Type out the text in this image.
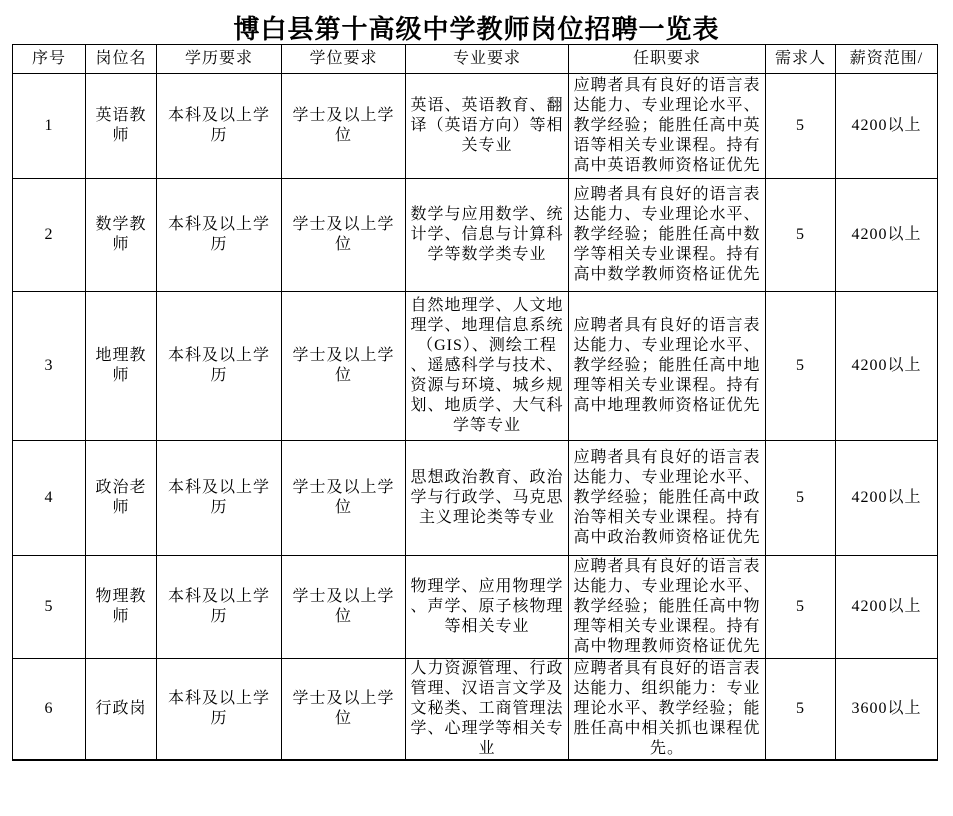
博白县第十高级中学教师岗位招聘一览表
序号	岗位名	学历要求	学位要求	专业要求	任职要求	需求人	薪资范围/
1	英语教师	本科及以上学历	学士及以上学位	英语、英语教育、翻译（英语方向）等相关专业	应聘者具有良好的语言表达能力、专业理论水平、教学经验；能胜任高中英语等相关专业课程。持有高中英语教师资格证优先	5	4200以上
2	数学教师	本科及以上学历	学士及以上学位	数学与应用数学、统计学、信息与计算科学等数学类专业	应聘者具有良好的语言表达能力、专业理论水平、教学经验；能胜任高中数学等相关专业课程。持有高中数学教师资格证优先	5	4200以上
3	地理教师	本科及以上学历	学士及以上学位	自然地理学、人文地理学、地理信息系统（GIS）、测绘工程、遥感科学与技术、资源与环境、城乡规划、地质学、大气科学等专业	应聘者具有良好的语言表达能力、专业理论水平、教学经验；能胜任高中地理等相关专业课程。持有高中地理教师资格证优先	5	4200以上
4	政治老师	本科及以上学历	学士及以上学位	思想政治教育、政治学与行政学、马克思主义理论类等专业	应聘者具有良好的语言表达能力、专业理论水平、教学经验；能胜任高中政治等相关专业课程。持有高中政治教师资格证优先	5	4200以上
5	物理教师	本科及以上学历	学士及以上学位	物理学、应用物理学、声学、原子核物理等相关专业	应聘者具有良好的语言表达能力、专业理论水平、教学经验；能胜任高中物理等相关专业课程。持有高中物理教师资格证优先	5	4200以上
6	行政岗	本科及以上学历	学士及以上学位	人力资源管理、行政管理、汉语言文学及文秘类、工商管理法学、心理学等相关专业	应聘者具有良好的语言表达能力、组织能力：专业理论水平、教学经验；能胜任高中相关抓也课程优先。	5	3600以上
